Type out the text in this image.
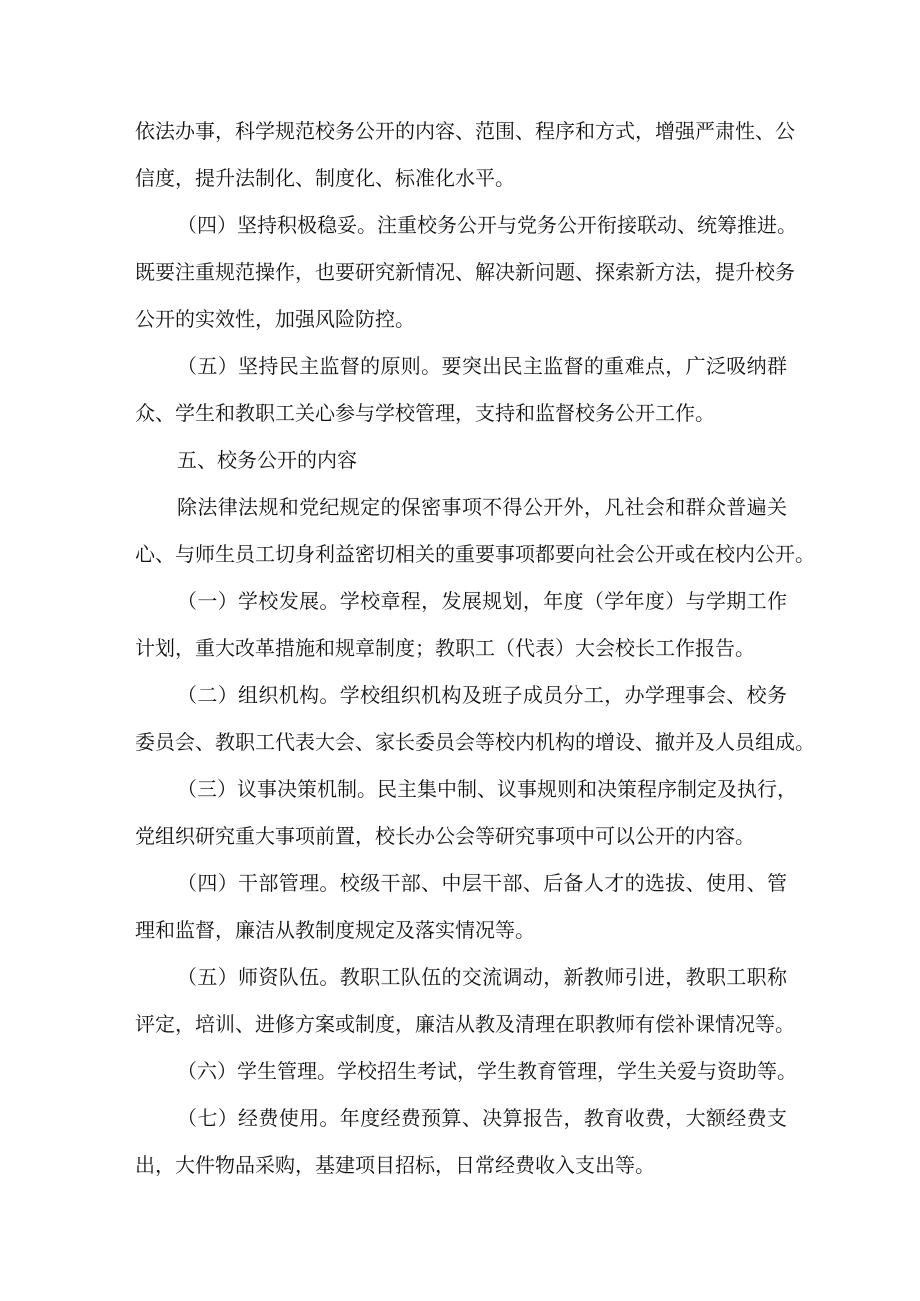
依法办事，科学规范校务公开的内容、范围、程序和方式，增强严肃性、公
信度，提升法制化、制度化、标准化水平。
（四）坚持积极稳妥。注重校务公开与党务公开衔接联动、统筹推进。
既要注重规范操作，也要研究新情况、解决新问题、探索新方法，提升校务
公开的实效性，加强风险防控。
（五）坚持民主监督的原则。要突出民主监督的重难点，广泛吸纳群
众、学生和教职工关心参与学校管理，支持和监督校务公开工作。
五、校务公开的内容
除法律法规和党纪规定的保密事项不得公开外，凡社会和群众普遍关
心、与师生员工切身利益密切相关的重要事项都要向社会公开或在校内公开。
（一）学校发展。学校章程，发展规划，年度（学年度）与学期工作
计划，重大改革措施和规章制度；教职工（代表）大会校长工作报告。
（二）组织机构。学校组织机构及班子成员分工，办学理事会、校务
委员会、教职工代表大会、家长委员会等校内机构的增设、撤并及人员组成。
（三）议事决策机制。民主集中制、议事规则和决策程序制定及执行，
党组织研究重大事项前置，校长办公会等研究事项中可以公开的内容。
（四）干部管理。校级干部、中层干部、后备人才的选拔、使用、管
理和监督，廉洁从教制度规定及落实情况等。
（五）师资队伍。教职工队伍的交流调动，新教师引进，教职工职称
评定，培训、进修方案或制度，廉洁从教及清理在职教师有偿补课情况等。
（六）学生管理。学校招生考试，学生教育管理，学生关爱与资助等。
（七）经费使用。年度经费预算、决算报告，教育收费，大额经费支
出，大件物品采购，基建项目招标，日常经费收入支出等。
